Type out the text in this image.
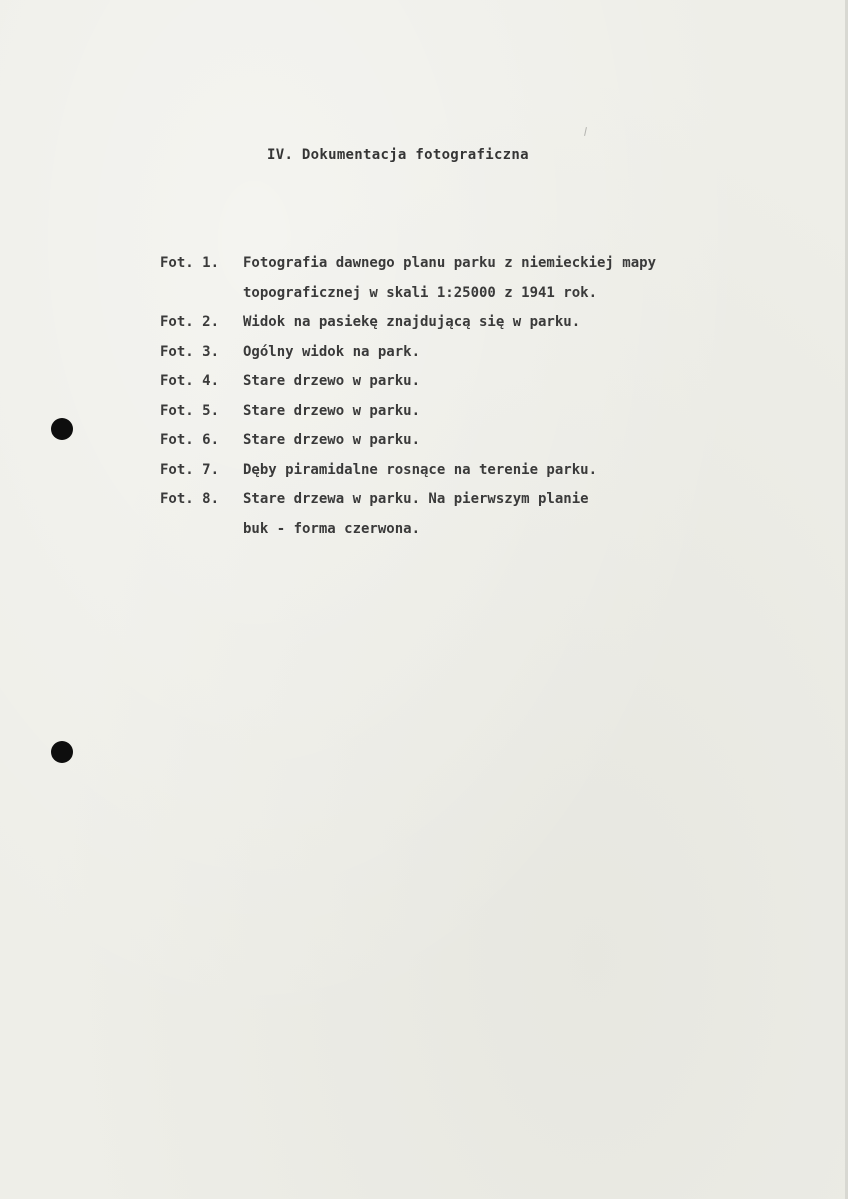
IV. Dokumentacja fotograficzna
Fot. 1.	Fotografia dawnego planu parku z niemieckiej mapy
topograficznej w skali 1:25000 z 1941 rok.
Fot. 2.	Widok na pasiekę znajdującą się w parku.
Fot. 3.	Ogólny widok na park.
Fot. 4.	Stare drzewo w parku.
Fot. 5.	Stare drzewo w parku.
Fot. 6.	Stare drzewo w parku.
Fot. 7.	Dęby piramidalne rosnące na terenie parku.
Fot. 8.	Stare drzewa w parku. Na pierwszym planie
buk - forma czerwona.
